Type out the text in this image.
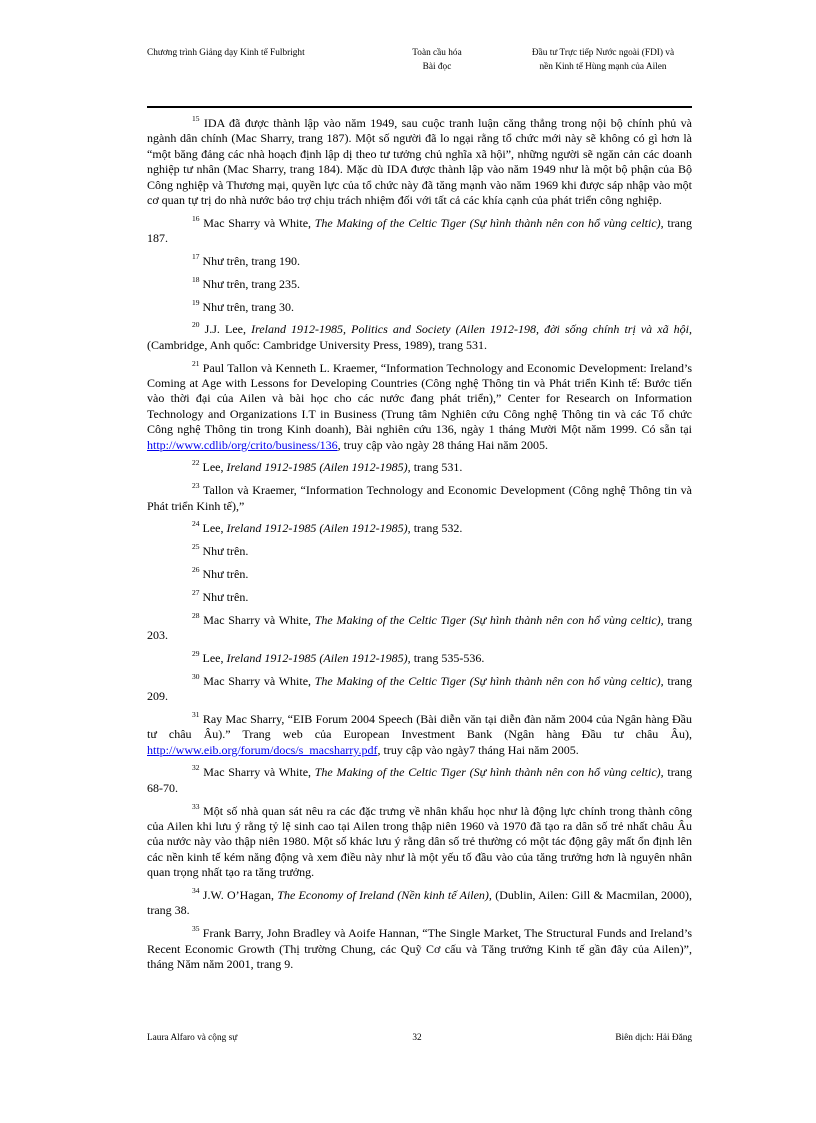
Chương trình Giảng dạy Kinh tế Fulbright	Toàn cầu hóa
Bài đọc
Đầu tư Trực tiếp Nước ngoài (FDI) và
nền Kinh tế Hùng mạnh của Ailen

$^{15}$ IDA đã được thành lập vào năm 1949, sau cuộc tranh luận căng thẳng trong nội bộ chính phủ và ngành dân chính (Mac Sharry, trang 187). Một số người đã lo ngại rằng tổ chức mới này sẽ không có gì hơn là “một băng đảng các nhà hoạch định lập dị theo tư tưởng chủ nghĩa xã hội”, những người sẽ ngăn cản các doanh nghiệp tư nhân (Mac Sharry, trang 184). Mặc dù IDA được thành lập vào năm 1949 như là một bộ phận của Bộ Công nghiệp và Thương mại, quyền lực của tổ chức này đã tăng mạnh vào năm 1969 khi được sáp nhập vào một cơ quan tự trị do nhà nước bảo trợ chịu trách nhiệm đối với tất cả các khía cạnh của phát triển công nghiệp.

$^{16}$ Mac Sharry và White, The Making of the Celtic Tiger (Sự hình thành nên con hổ vùng celtic), trang 187.

$^{17}$ Như trên, trang 190.

$^{18}$ Như trên, trang 235.

$^{19}$ Như trên, trang 30.

$^{20}$ J.J. Lee, Ireland 1912-1985, Politics and Society (Ailen 1912-198, đời sống chính trị và xã hội, (Cambridge, Anh quốc: Cambridge University Press, 1989), trang 531.

$^{21}$ Paul Tallon và Kenneth L. Kraemer, “Information Technology and Economic Development: Ireland’s Coming at Age with Lessons for Developing Countries (Công nghệ Thông tin và Phát triển Kinh tế: Bước tiến vào thời đại của Ailen và bài học cho các nước đang phát triển),” Center for Research on Information Technology and Organizations I.T in Business (Trung tâm Nghiên cứu Công nghệ Thông tin và các Tổ chức Công nghệ Thông tin trong Kinh doanh), Bài nghiên cứu 136, ngày 1 tháng Mười Một năm 1999. Có sẵn tại http://www.cdlib/org/crito/business/136, truy cập vào ngày 28 tháng Hai năm 2005.

$^{22}$ Lee, Ireland 1912-1985 (Ailen 1912-1985), trang 531.

$^{23}$ Tallon và Kraemer, “Information Technology and Economic Development (Công nghệ Thông tin và Phát triển Kinh tế),”

$^{24}$ Lee, Ireland 1912-1985 (Ailen 1912-1985), trang 532.

$^{25}$ Như trên.

$^{26}$ Như trên.

$^{27}$ Như trên.

$^{28}$ Mac Sharry và White, The Making of the Celtic Tiger (Sự hình thành nên con hổ vùng celtic), trang 203.

$^{29}$ Lee, Ireland 1912-1985 (Ailen 1912-1985), trang 535-536.

$^{30}$ Mac Sharry và White, The Making of the Celtic Tiger (Sự hình thành nên con hổ vùng celtic), trang 209.

$^{31}$ Ray Mac Sharry, “EIB Forum 2004 Speech (Bài diễn văn tại diễn đàn năm 2004 của Ngân hàng Đầu tư châu Âu).” Trang web của European Investment Bank (Ngân hàng Đầu tư châu Âu), http://www.eib.org/forum/docs/s_macsharry.pdf, truy cập vào ngày7 tháng Hai năm 2005.

$^{32}$ Mac Sharry và White, The Making of the Celtic Tiger (Sự hình thành nên con hổ vùng celtic), trang 68-70.

$^{33}$ Một số nhà quan sát nêu ra các đặc trưng về nhân khẩu học như là động lực chính trong thành công của Ailen khi lưu ý rằng tỷ lệ sinh cao tại Ailen trong thập niên 1960 và 1970 đã tạo ra dân số trẻ nhất châu Âu của nước này vào thập niên 1980. Một số khác lưu ý rằng dân số trẻ thường có một tác động gây mất ổn định lên các nền kinh tế kém năng động và xem điều này như là một yếu tố đầu vào của tăng trưởng hơn là nguyên nhân quan trọng nhất tạo ra tăng trưởng.

$^{34}$ J.W. O’Hagan, The Economy of Ireland (Nền kinh tế Ailen), (Dublin, Ailen: Gill & Macmilan, 2000), trang 38.

$^{35}$ Frank Barry, John Bradley và Aoife Hannan, “The Single Market, The Structural Funds and Ireland’s Recent Economic Growth (Thị trường Chung, các Quỹ Cơ cấu và Tăng trưởng Kinh tế gần đây của Ailen)”, tháng Năm năm 2001, trang 9.

Laura Alfaro và cộng sự	32	Biên dịch: Hải Đăng
